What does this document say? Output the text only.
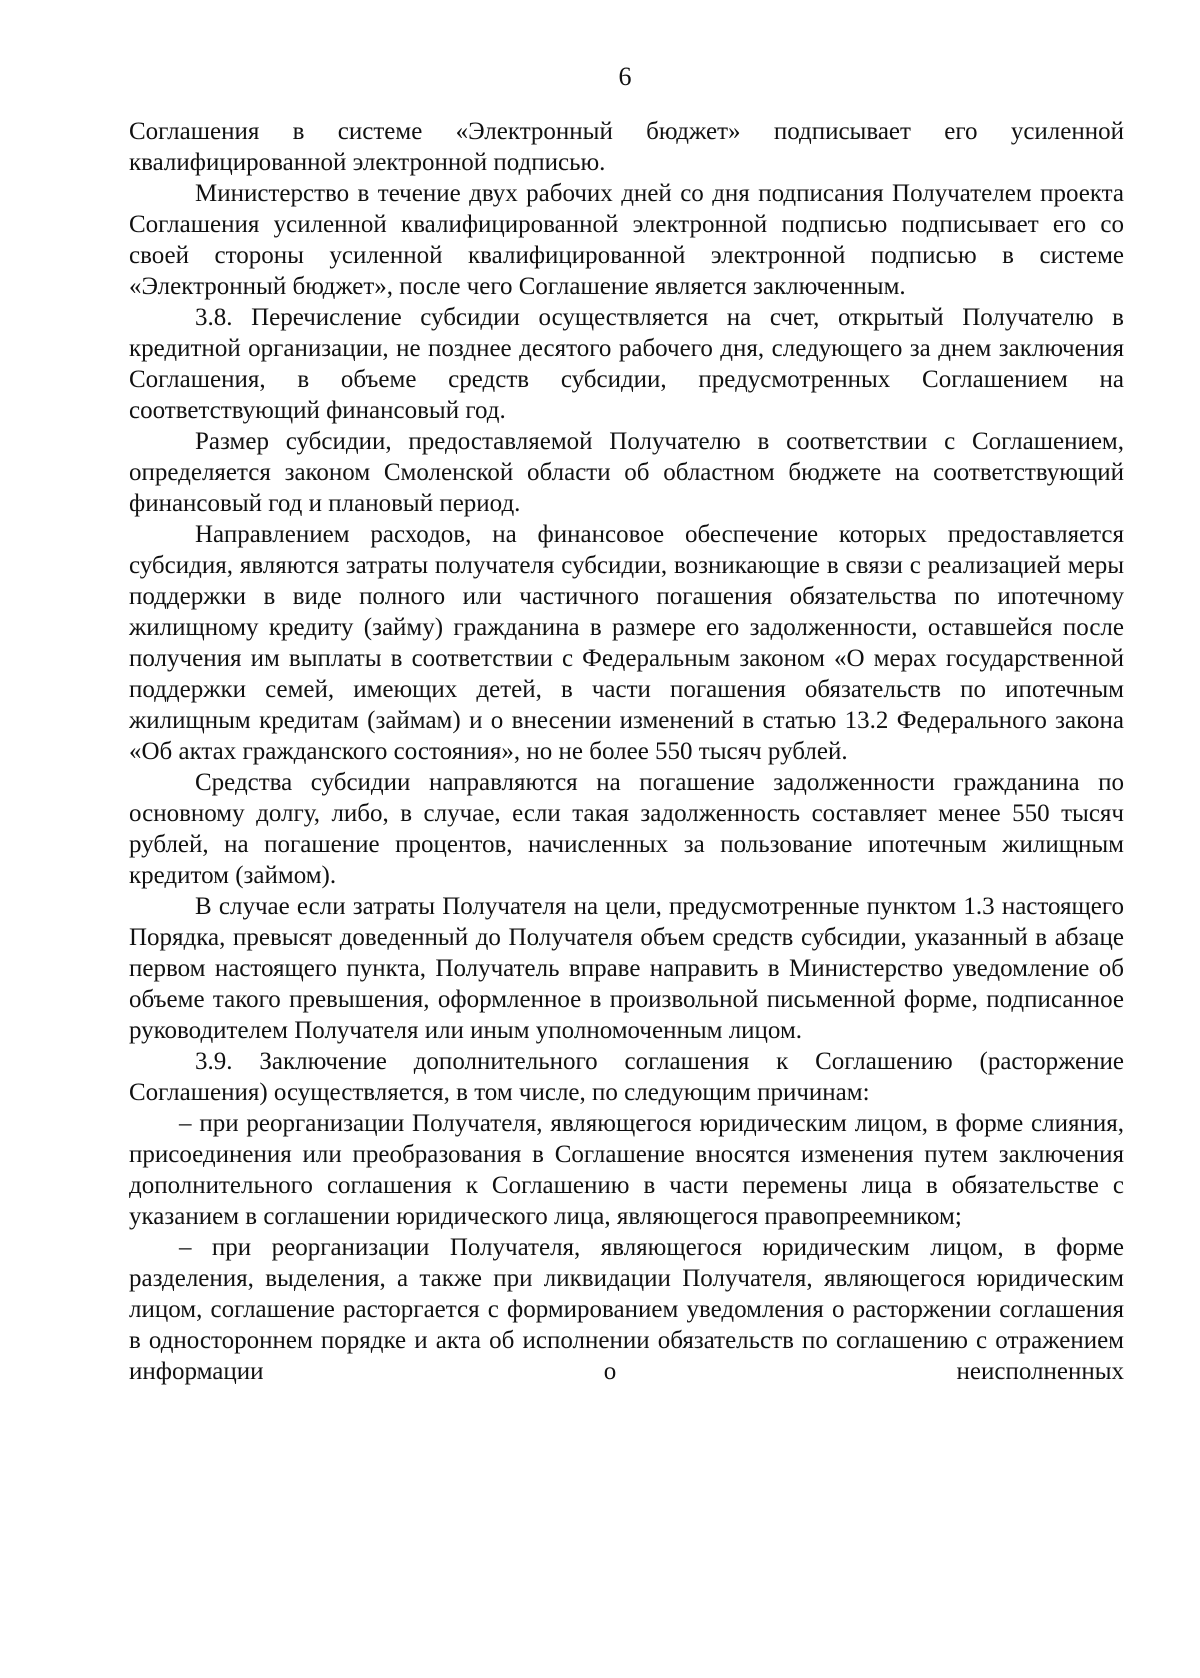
6

Соглашения в системе «Электронный бюджет» подписывает его усиленной квалифицированной электронной подписью.

Министерство в течение двух рабочих дней со дня подписания Получателем проекта Соглашения усиленной квалифицированной электронной подписью подписывает его со своей стороны усиленной квалифицированной электронной подписью в системе «Электронный бюджет», после чего Соглашение является заключенным.

3.8. Перечисление субсидии осуществляется на счет, открытый Получателю в кредитной организации, не позднее десятого рабочего дня, следующего за днем заключения Соглашения, в объеме средств субсидии, предусмотренных Соглашением на соответствующий финансовый год.

Размер субсидии, предоставляемой Получателю в соответствии с Соглашением, определяется законом Смоленской области об областном бюджете на соответствующий финансовый год и плановый период.

Направлением расходов, на финансовое обеспечение которых предоставляется субсидия, являются затраты получателя субсидии, возникающие в связи с реализацией меры поддержки в виде полного или частичного погашения обязательства по ипотечному жилищному кредиту (займу) гражданина в размере его задолженности, оставшейся после получения им выплаты в соответствии с Федеральным законом «О мерах государственной поддержки семей, имеющих детей, в части погашения обязательств по ипотечным жилищным кредитам (займам) и о внесении изменений в статью 13.2 Федерального закона «Об актах гражданского состояния», но не более 550 тысяч рублей.

Средства субсидии направляются на погашение задолженности гражданина по основному долгу, либо, в случае, если такая задолженность составляет менее 550 тысяч рублей, на погашение процентов, начисленных за пользование ипотечным жилищным кредитом (займом).

В случае если затраты Получателя на цели, предусмотренные пунктом 1.3 настоящего Порядка, превысят доведенный до Получателя объем средств субсидии, указанный в абзаце первом настоящего пункта, Получатель вправе направить в Министерство уведомление об объеме такого превышения, оформленное в произвольной письменной форме, подписанное руководителем Получателя или иным уполномоченным лицом.

3.9. Заключение дополнительного соглашения к Соглашению (расторжение Соглашения) осуществляется, в том числе, по следующим причинам:

– при реорганизации Получателя, являющегося юридическим лицом, в форме слияния, присоединения или преобразования в Соглашение вносятся изменения путем заключения дополнительного соглашения к Соглашению в части перемены лица в обязательстве с указанием в соглашении юридического лица, являющегося правопреемником;

– при реорганизации Получателя, являющегося юридическим лицом, в форме разделения, выделения, а также при ликвидации Получателя, являющегося юридическим лицом, соглашение расторгается с формированием уведомления о расторжении соглашения в одностороннем порядке и акта об исполнении обязательств по соглашению с отражением информации о неисполненных
